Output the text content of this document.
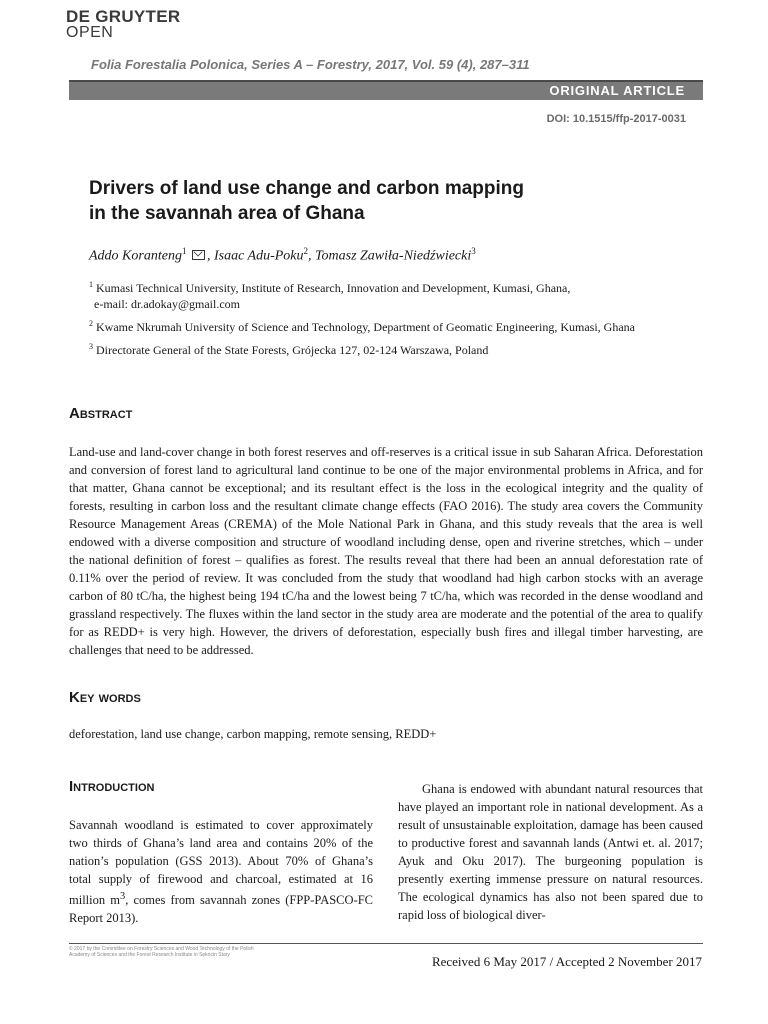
DE GRUYTER
OPEN
Folia Forestalia Polonica, Series A – Forestry, 2017, Vol. 59 (4), 287–311
ORIGINAL ARTICLE
DOI: 10.1515/ffp-2017-0031
Drivers of land use change and carbon mapping
in the savannah area of Ghana
Addo Koranteng$^1$ , Isaac Adu-Poku$^2$, Tomasz Zawiła-Niedźwiecki$^3$
$^1$ Kumasi Technical University, Institute of Research, Innovation and Development, Kumasi, Ghana,
e-mail: dr.adokay@gmail.com
$^2$ Kwame Nkrumah University of Science and Technology, Department of Geomatic Engineering, Kumasi, Ghana
$^3$ Directorate General of the State Forests, Grójecka 127, 02-124 Warszawa, Poland
Abstract
Land-use and land-cover change in both forest reserves and off-reserves is a critical issue in sub Saharan Africa. Deforestation and conversion of forest land to agricultural land continue to be one of the major environmental problems in Africa, and for that matter, Ghana cannot be exceptional; and its resultant effect is the loss in the ecological integrity and the quality of forests, resulting in carbon loss and the resultant climate change effects (FAO 2016). The study area covers the Community Resource Management Areas (CREMA) of the Mole National Park in Ghana, and this study reveals that the area is well endowed with a diverse composition and structure of woodland including dense, open and riverine stretches, which – under the national definition of forest – qualifies as forest. The results reveal that there had been an annual deforestation rate of 0.11% over the period of review. It was concluded from the study that woodland had high carbon stocks with an average carbon of 80 tC/ha, the highest being 194 tC/ha and the lowest being 7 tC/ha, which was recorded in the dense woodland and grassland respectively. The fluxes within the land sector in the study area are moderate and the potential of the area to qualify for as REDD+ is very high. However, the drivers of deforestation, especially bush fires and illegal timber harvesting, are challenges that need to be addressed.
Key words
deforestation, land use change, carbon mapping, remote sensing, REDD+
Introduction
Savannah woodland is estimated to cover approximately two thirds of Ghana’s land area and contains 20% of the nation’s population (GSS 2013). About 70% of Ghana’s total supply of firewood and charcoal, estimated at 16 million $m^3$, comes from savannah zones (FPP-PASCO-FC Report 2013).
Ghana is endowed with abundant natural resources that have played an important role in national development. As a result of unsustainable exploitation, damage has been caused to productive forest and savannah lands (Antwi et. al. 2017; Ayuk and Oku 2017). The burgeoning population is presently exerting immense pressure on natural resources. The ecological dynamics has also not been spared due to rapid loss of biological diver-
© 2017 by the Committee on Forestry Sciences and Wood Technology of the Polish Academy of Sciences and the Forest Research Institute in Sękocin Stary	Received 6 May 2017 / Accepted 2 November 2017
